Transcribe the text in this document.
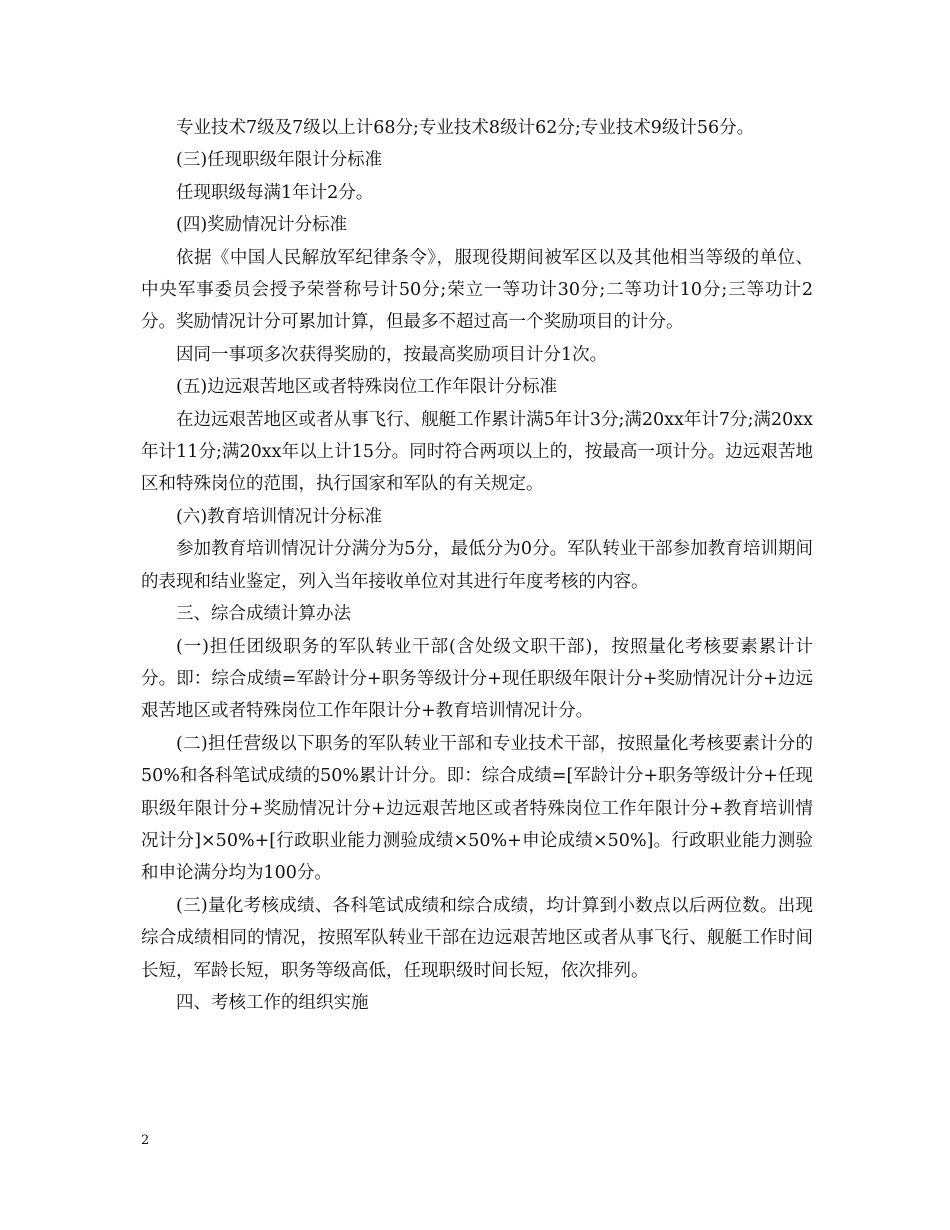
专业技术7级及7级以上计68分;专业技术8级计62分;专业技术9级计56分。

(三)任现职级年限计分标准

任现职级每满1年计2分。

(四)奖励情况计分标准

依据《中国人民解放军纪律条令》，服现役期间被军区以及其他相当等级的单位、中央军事委员会授予荣誉称号计50分;荣立一等功计30分;二等功计10分;三等功计2分。奖励情况计分可累加计算，但最多不超过高一个奖励项目的计分。

因同一事项多次获得奖励的，按最高奖励项目计分1次。

(五)边远艰苦地区或者特殊岗位工作年限计分标准

在边远艰苦地区或者从事飞行、舰艇工作累计满5年计3分;满20xx年计7分;满20xx年计11分;满20xx年以上计15分。同时符合两项以上的，按最高一项计分。边远艰苦地区和特殊岗位的范围，执行国家和军队的有关规定。

(六)教育培训情况计分标准

参加教育培训情况计分满分为5分，最低分为0分。军队转业干部参加教育培训期间的表现和结业鉴定，列入当年接收单位对其进行年度考核的内容。

三、综合成绩计算办法

(一)担任团级职务的军队转业干部(含处级文职干部)，按照量化考核要素累计计分。即：综合成绩=军龄计分+职务等级计分+现任职级年限计分+奖励情况计分+边远艰苦地区或者特殊岗位工作年限计分+教育培训情况计分。

(二)担任营级以下职务的军队转业干部和专业技术干部，按照量化考核要素计分的50%和各科笔试成绩的50%累计计分。即：综合成绩=[军龄计分+职务等级计分+任现职级年限计分+奖励情况计分+边远艰苦地区或者特殊岗位工作年限计分+教育培训情况计分]×50%+[行政职业能力测验成绩×50%+申论成绩×50%]。行政职业能力测验和申论满分均为100分。

(三)量化考核成绩、各科笔试成绩和综合成绩，均计算到小数点以后两位数。出现综合成绩相同的情况，按照军队转业干部在边远艰苦地区或者从事飞行、舰艇工作时间长短，军龄长短，职务等级高低，任现职级时间长短，依次排列。

四、考核工作的组织实施

2
